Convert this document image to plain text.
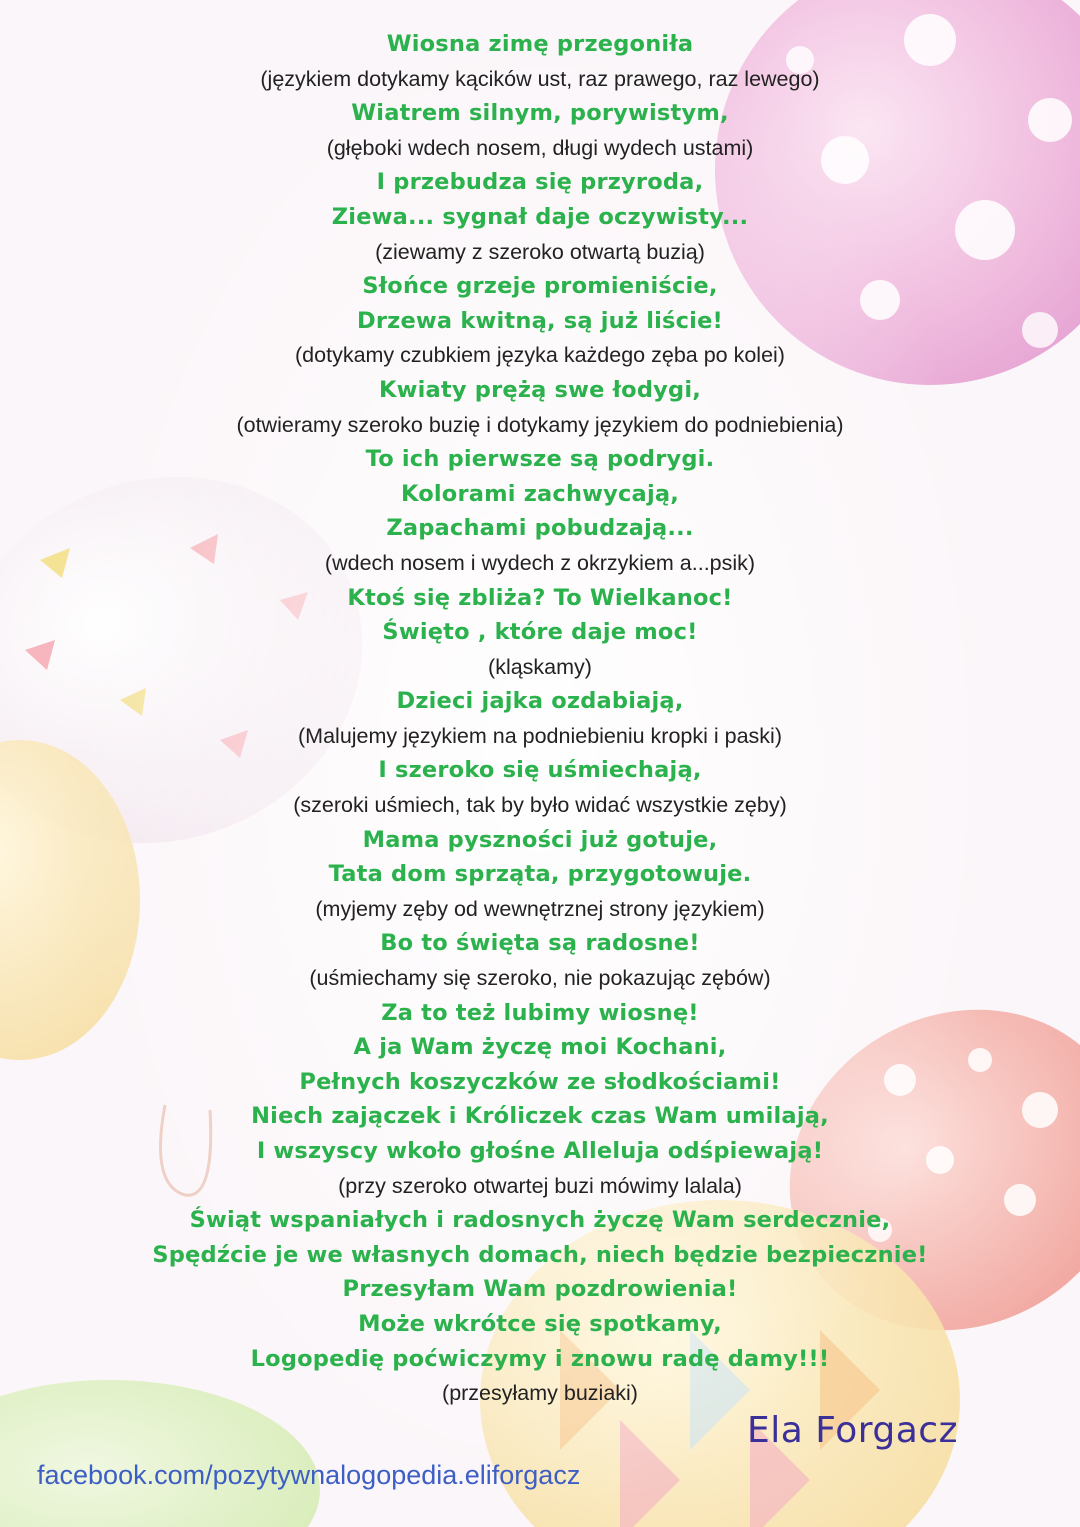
Wiosna zimę przegoniła
(językiem dotykamy kącików ust, raz prawego, raz lewego)
Wiatrem silnym, porywistym,
(głęboki wdech nosem, długi wydech ustami)
I przebudza się przyroda,
Ziewa... sygnał daje oczywisty...
(ziewamy z szeroko otwartą buzią)
Słońce grzeje promieniście,
Drzewa kwitną, są już liście!
(dotykamy czubkiem języka każdego zęba po kolei)
Kwiaty prężą swe łodygi,
(otwieramy szeroko buzię i dotykamy językiem do podniebienia)
To ich pierwsze są podrygi.
Kolorami zachwycają,
Zapachami pobudzają...
(wdech nosem i wydech z okrzykiem a...psik)
Ktoś się zbliża? To Wielkanoc!
Święto , które daje moc!
(kląskamy)
Dzieci jajka ozdabiają,
(Malujemy językiem na podniebieniu kropki i paski)
I szeroko się uśmiechają,
(szeroki uśmiech, tak by było widać wszystkie zęby)
Mama pyszności już gotuje,
Tata dom sprząta, przygotowuje.
(myjemy zęby od wewnętrznej strony językiem)
Bo to święta są radosne!
(uśmiechamy się szeroko, nie pokazując zębów)
Za to też lubimy wiosnę!
A ja Wam życzę moi Kochani,
Pełnych koszyczków ze słodkościami!
Niech zajączek i Króliczek czas Wam umilają,
I wszyscy wkoło głośne Alleluja odśpiewają!
(przy szeroko otwartej buzi mówimy lalala)
Świąt wspaniałych i radosnych życzę Wam serdecznie,
Spędźcie je we własnych domach, niech będzie bezpiecznie!
Przesyłam Wam pozdrowienia!
Może wkrótce się spotkamy,
Logopedię poćwiczymy i znowu radę damy!!!
(przesyłamy buziaki)
Ela Forgacz
facebook.com/pozytywnalogopedia.eliforgacz
